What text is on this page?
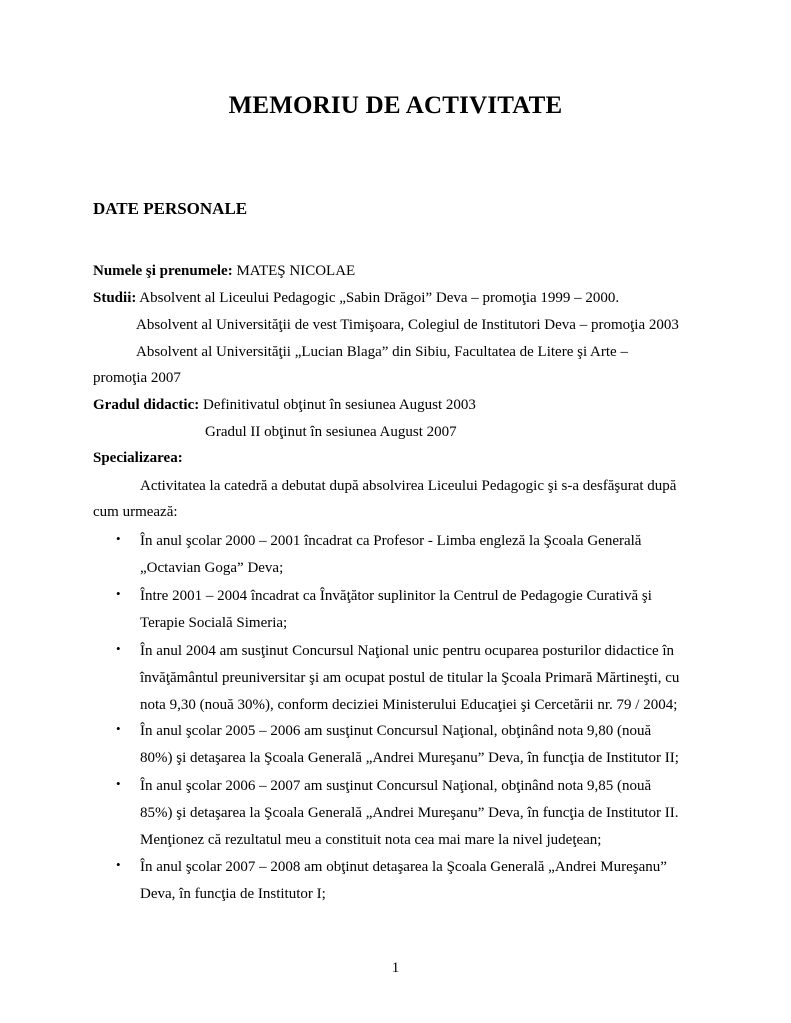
MEMORIU DE ACTIVITATE
DATE PERSONALE
Numele şi prenumele: MATEŞ NICOLAE
Studii: Absolvent al Liceului Pedagogic „Sabin Drăgoi” Deva – promoţia 1999 – 2000.
Absolvent al Universităţii de vest Timişoara, Colegiul de Institutori Deva – promoţia 2003
Absolvent al Universităţii „Lucian Blaga” din Sibiu, Facultatea de Litere şi Arte –
promoţia 2007
Gradul didactic: Definitivatul obţinut în sesiunea August 2003
Gradul II obţinut în sesiunea August 2007
Specializarea:
Activitatea la catedră a debutat după absolvirea Liceului Pedagogic şi s-a desfăşurat după
cum urmează:
• În anul şcolar 2000 – 2001 încadrat ca Profesor - Limba engleză la Şcoala Generală
„Octavian Goga” Deva;
• Între 2001 – 2004 încadrat ca Învăţător suplinitor la Centrul de Pedagogie Curativă şi
Terapie Socială Simeria;
• În anul 2004 am susţinut Concursul Naţional unic pentru ocuparea posturilor didactice în
învăţământul preuniversitar şi am ocupat postul de titular la Şcoala Primară Mărtineşti, cu
nota 9,30 (nouă 30%), conform deciziei Ministerului Educaţiei şi Cercetării nr. 79 / 2004;
• În anul şcolar 2005 – 2006 am susţinut Concursul Naţional, obţinând nota 9,80 (nouă
80%) şi detaşarea la Şcoala Generală „Andrei Mureşanu” Deva, în funcţia de Institutor II;
• În anul şcolar 2006 – 2007 am susţinut Concursul Naţional, obţinând nota 9,85 (nouă
85%) şi detaşarea la Şcoala Generală „Andrei Mureşanu” Deva, în funcţia de Institutor II.
Menţionez că rezultatul meu a constituit nota cea mai mare la nivel judeţean;
• În anul şcolar 2007 – 2008 am obţinut detaşarea la Şcoala Generală „Andrei Mureşanu”
Deva, în funcţia de Institutor I;
1
